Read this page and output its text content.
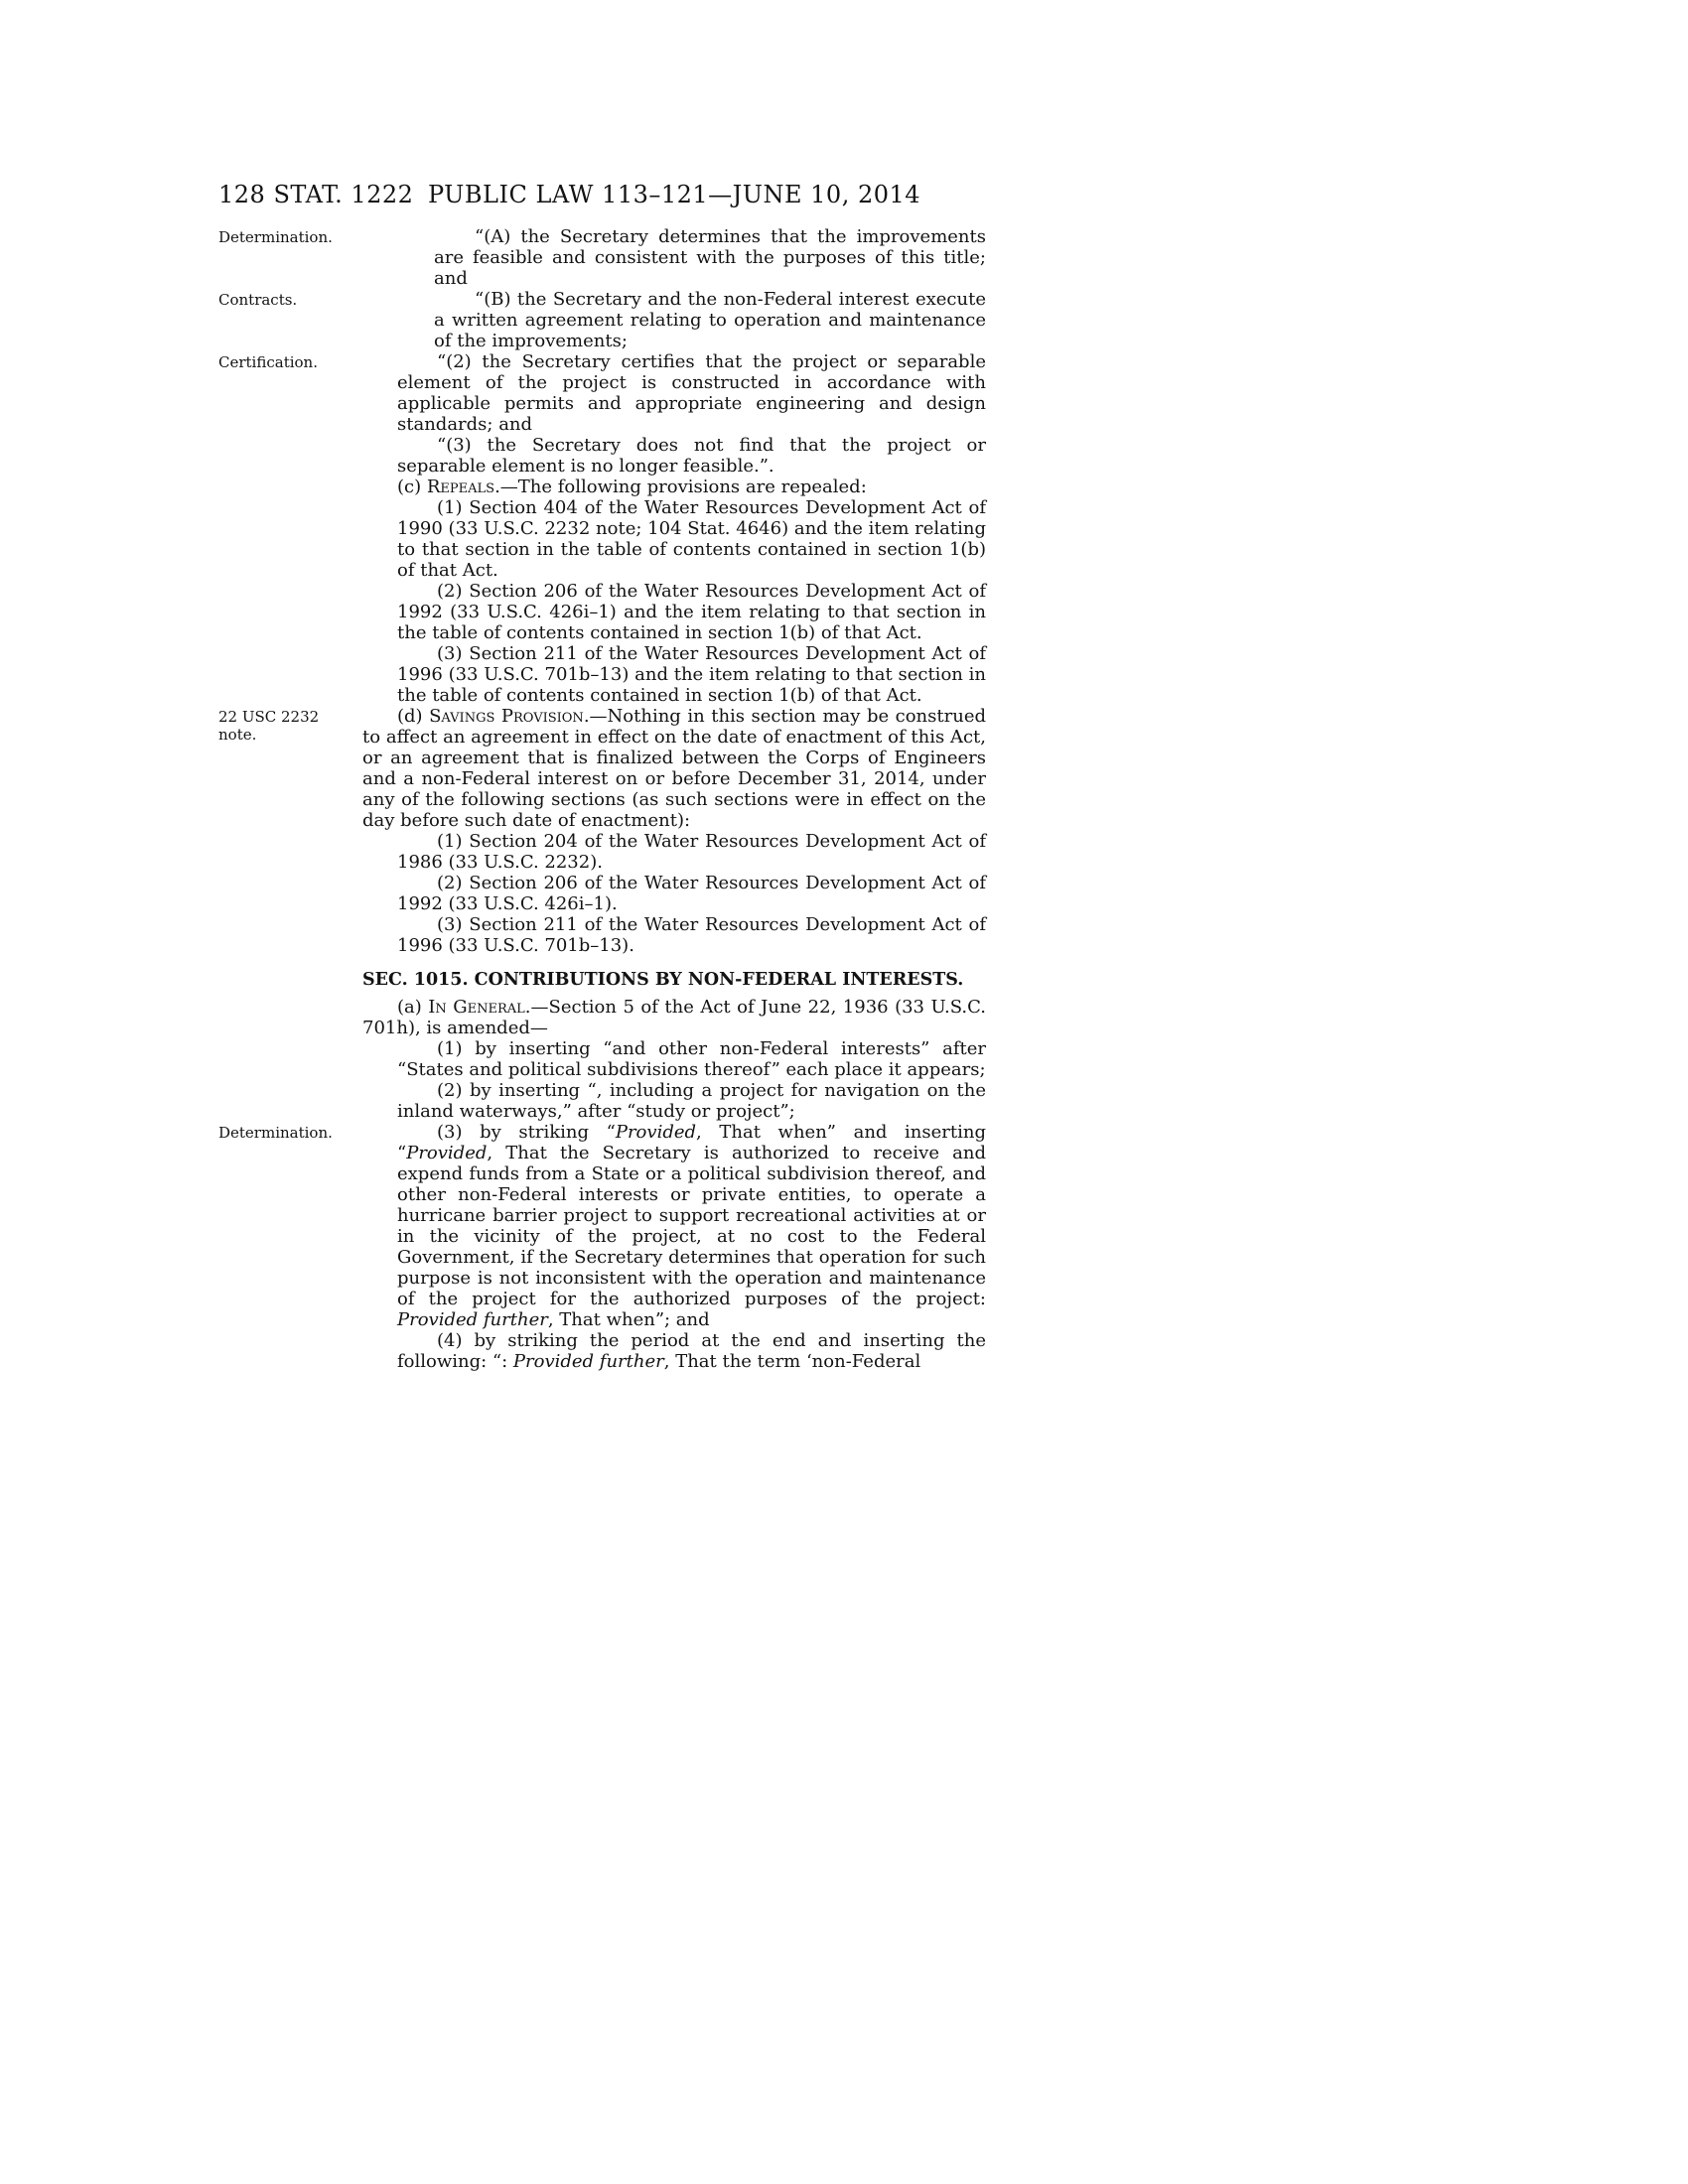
128 STAT. 1222 PUBLIC LAW 113–121—JUNE 10, 2014

Determination.	“(A) the Secretary determines that the improvements are feasible and consistent with the purposes of this title; and

Contracts.	“(B) the Secretary and the non-Federal interest execute a written agreement relating to operation and maintenance of the improvements;

Certification.	“(2) the Secretary certifies that the project or separable element of the project is constructed in accordance with applicable permits and appropriate engineering and design standards; and

“(3) the Secretary does not find that the project or separable element is no longer feasible.”.

(c) Repeals.—The following provisions are repealed:

(1) Section 404 of the Water Resources Development Act of 1990 (33 U.S.C. 2232 note; 104 Stat. 4646) and the item relating to that section in the table of contents contained in section 1(b) of that Act.

(2) Section 206 of the Water Resources Development Act of 1992 (33 U.S.C. 426i–1) and the item relating to that section in the table of contents contained in section 1(b) of that Act.

(3) Section 211 of the Water Resources Development Act of 1996 (33 U.S.C. 701b–13) and the item relating to that section in the table of contents contained in section 1(b) of that Act.

22 USC 2232 note.
(d) Savings Provision.—Nothing in this section may be construed to affect an agreement in effect on the date of enactment of this Act, or an agreement that is finalized between the Corps of Engineers and a non-Federal interest on or before December 31, 2014, under any of the following sections (as such sections were in effect on the day before such date of enactment):

(1) Section 204 of the Water Resources Development Act of 1986 (33 U.S.C. 2232).

(2) Section 206 of the Water Resources Development Act of 1992 (33 U.S.C. 426i–1).

(3) Section 211 of the Water Resources Development Act of 1996 (33 U.S.C. 701b–13).

SEC. 1015. CONTRIBUTIONS BY NON-FEDERAL INTERESTS.

(a) In General.—Section 5 of the Act of June 22, 1936 (33 U.S.C. 701h), is amended—

(1) by inserting “and other non-Federal interests” after “States and political subdivisions thereof” each place it appears;

(2) by inserting “, including a project for navigation on the inland waterways,” after “study or project”;

Determination.	(3) by striking “Provided, That when” and inserting “Provided, That the Secretary is authorized to receive and expend funds from a State or a political subdivision thereof, and other non-Federal interests or private entities, to operate a hurricane barrier project to support recreational activities at or in the vicinity of the project, at no cost to the Federal Government, if the Secretary determines that operation for such purpose is not inconsistent with the operation and maintenance of the project for the authorized purposes of the project: Provided further, That when”; and

(4) by striking the period at the end and inserting the following: “: Provided further, That the term ‘non-Federal
